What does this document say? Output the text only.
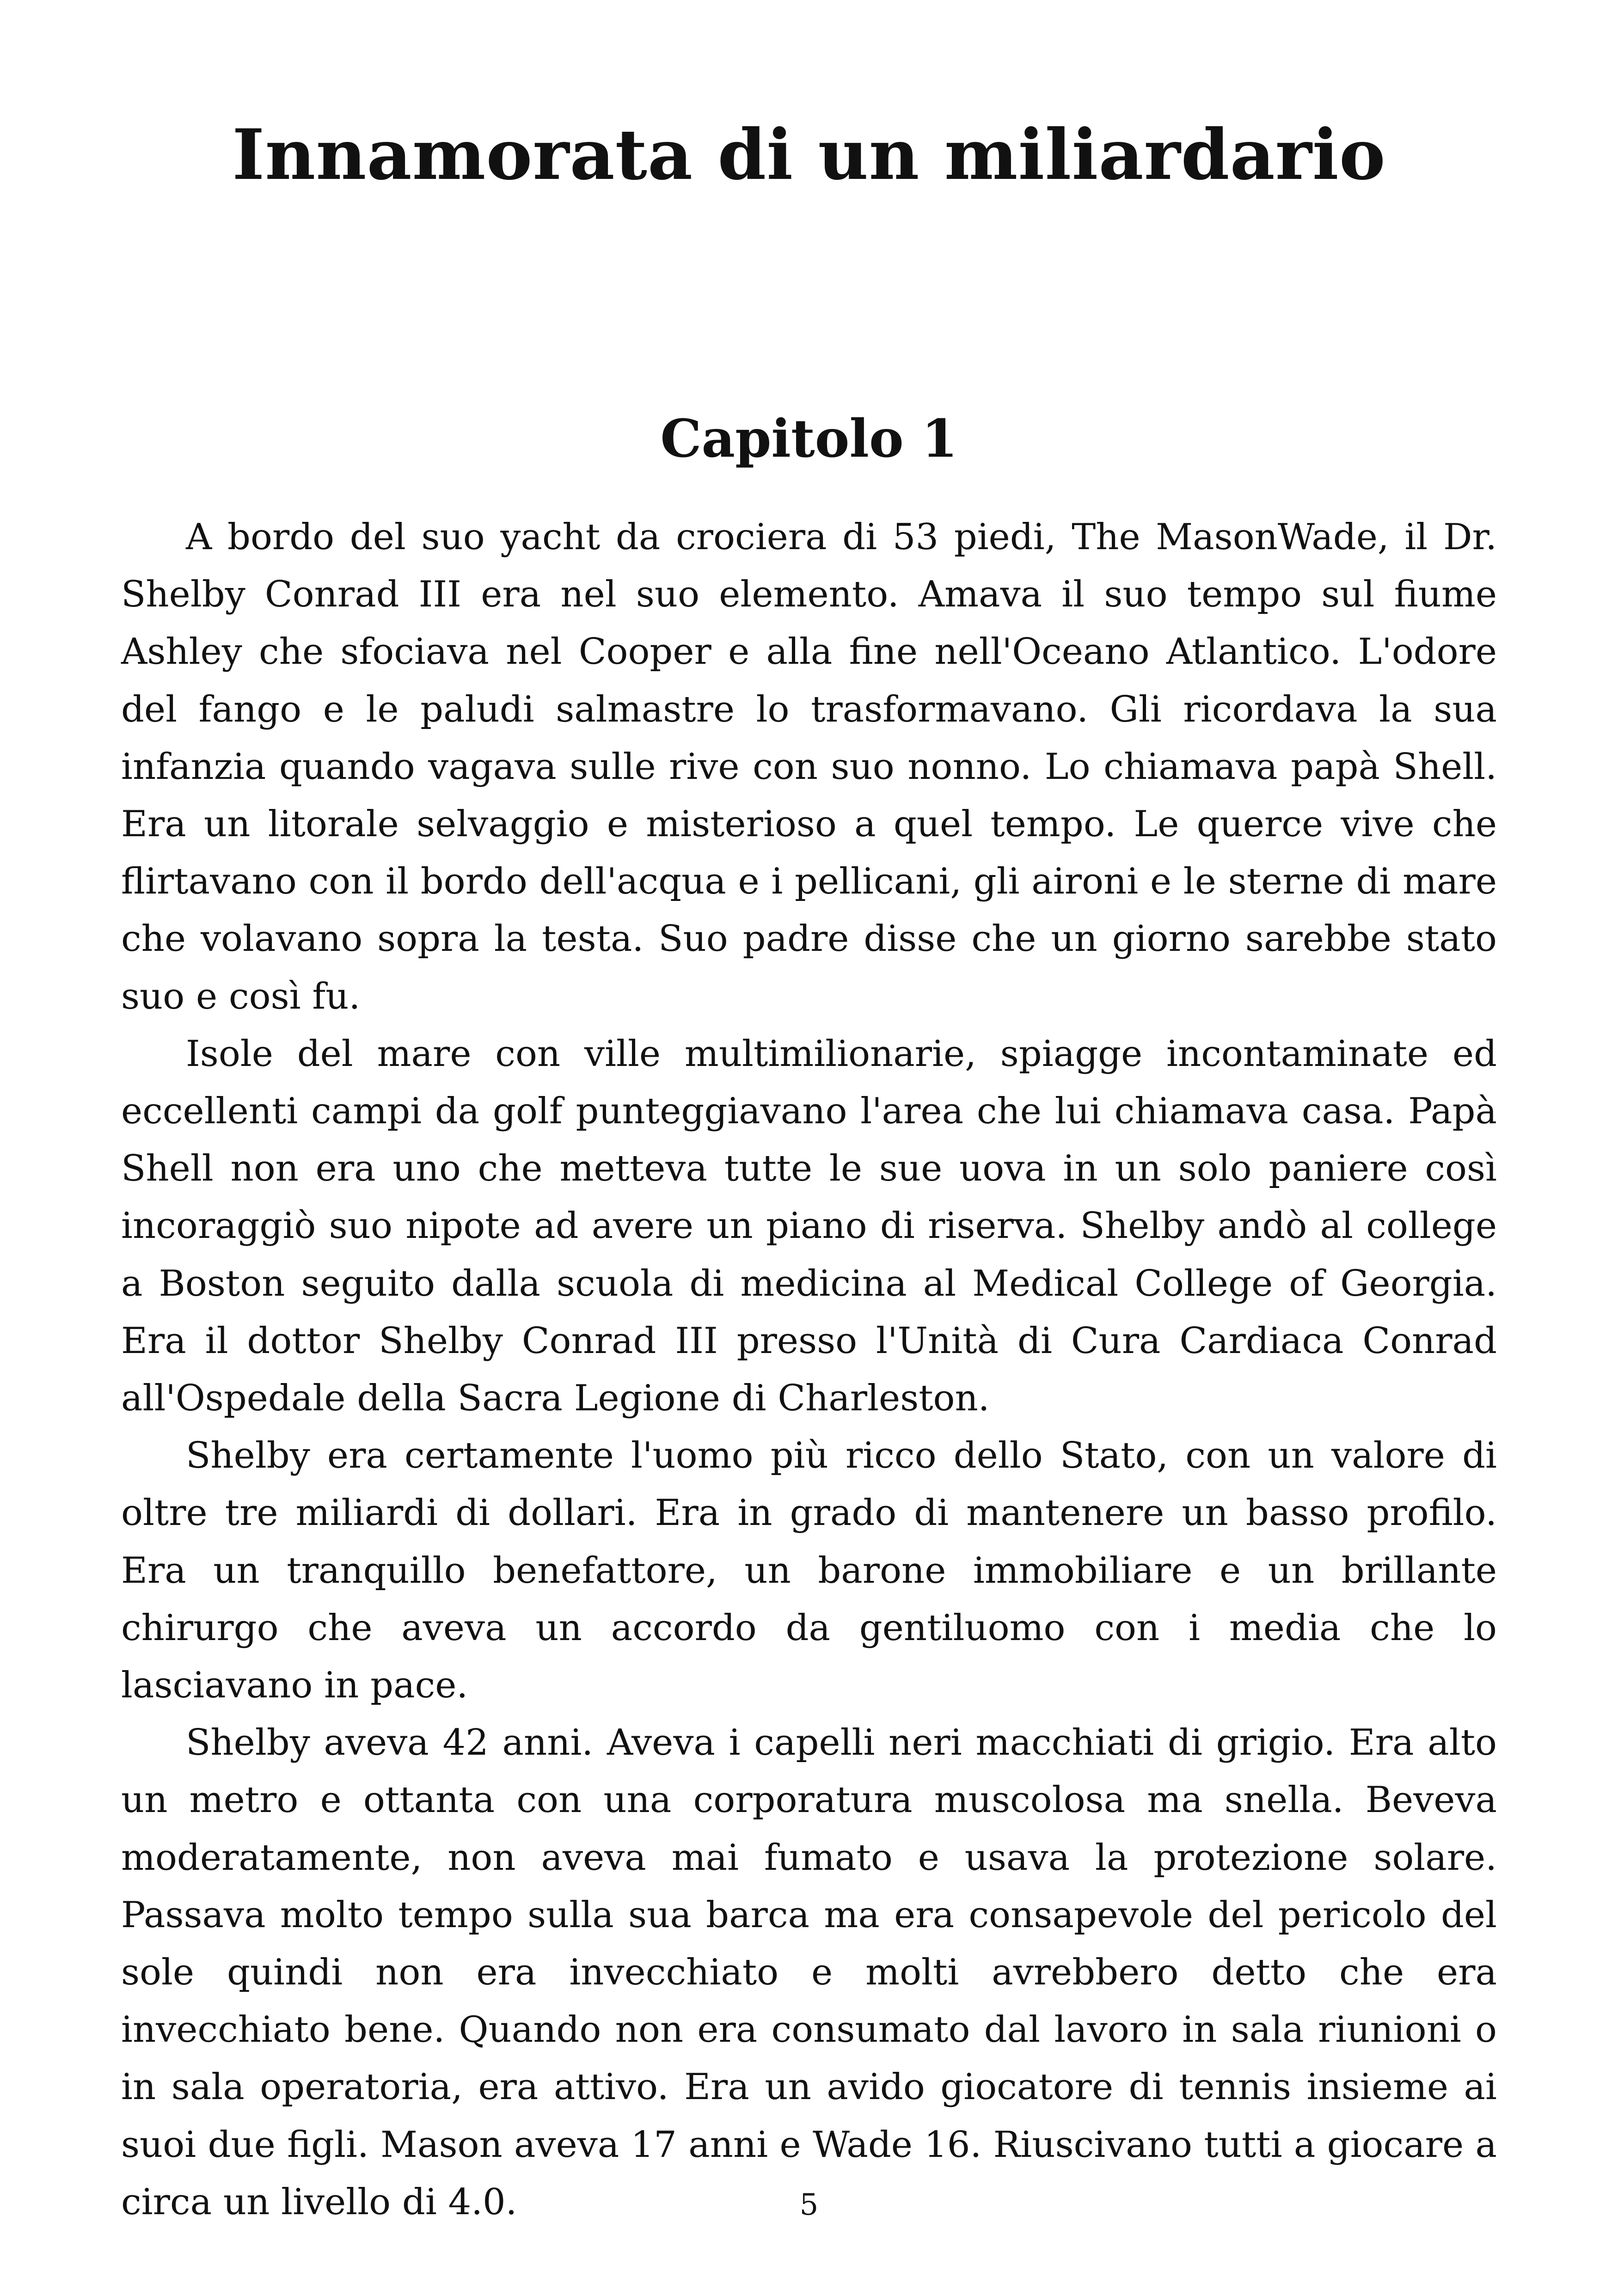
Innamorata di un miliardario
Capitolo 1

A bordo del suo yacht da crociera di 53 piedi, The MasonWade, il Dr. Shelby Conrad III era nel suo elemento. Amava il suo tempo sul fiume Ashley che sfociava nel Cooper e alla fine nell'Oceano Atlantico. L'odore del fango e le paludi salmastre lo trasformavano. Gli ricordava la sua infanzia quando vagava sulle rive con suo nonno. Lo chiamava papà Shell. Era un litorale selvaggio e misterioso a quel tempo. Le querce vive che flirtavano con il bordo dell'acqua e i pellicani, gli aironi e le sterne di mare che volavano sopra la testa. Suo padre disse che un giorno sarebbe stato suo e così fu.

Isole del mare con ville multimilionarie, spiagge incontaminate ed eccellenti campi da golf punteggiavano l'area che lui chiamava casa. Papà Shell non era uno che metteva tutte le sue uova in un solo paniere così incoraggiò suo nipote ad avere un piano di riserva. Shelby andò al college a Boston seguito dalla scuola di medicina al Medical College of Georgia. Era il dottor Shelby Conrad III presso l'Unità di Cura Cardiaca Conrad all'Ospedale della Sacra Legione di Charleston.

Shelby era certamente l'uomo più ricco dello Stato, con un valore di oltre tre miliardi di dollari. Era in grado di mantenere un basso profilo. Era un tranquillo benefattore, un barone immobiliare e un brillante chirurgo che aveva un accordo da gentiluomo con i media che lo lasciavano in pace.

Shelby aveva 42 anni. Aveva i capelli neri macchiati di grigio. Era alto un metro e ottanta con una corporatura muscolosa ma snella. Beveva moderatamente, non aveva mai fumato e usava la protezione solare. Passava molto tempo sulla sua barca ma era consapevole del pericolo del sole quindi non era invecchiato e molti avrebbero detto che era invecchiato bene. Quando non era consumato dal lavoro in sala riunioni o in sala operatoria, era attivo. Era un avido giocatore di tennis insieme ai suoi due figli. Mason aveva 17 anni e Wade 16. Riuscivano tutti a giocare a circa un livello di 4.0.	5
